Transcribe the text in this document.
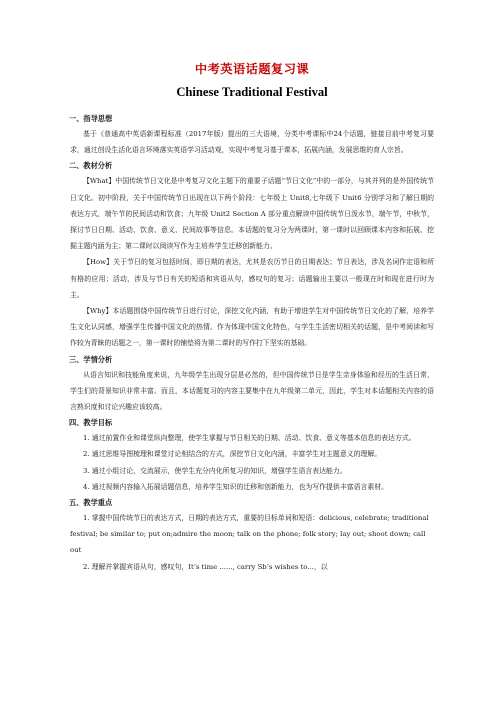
中考英语话题复习课
Chinese Traditional Festival
一、指导思想

基于《普通高中英语新课程标准（2017年版）提出的三大语境，分类中考课标中24个话题，链接目前中考复习要求，通过创设生活化语言环境落实英语学习活动观，实现中考复习基于课本，拓展内涵，发展思维的育人宗旨。

二、教材分析

【What】中国传统节日文化是中考复习文化主题下的重要子话题“节日文化”中的一部分，与其并列的是外国传统节日文化。初中阶段，关于中国传统节日出现在以下两个阶段：七年级上 Unit8,七年级下 Unit6 分别学习和了解日期的表达方式，端午节的民间活动和饮食；九年级 Unit2 Section A 部分重点解读中国传统节日泼水节，端午节，中秋节，探讨节日日期、活动、饮食、意义、民间故事等信息。本话题的复习分为两课时，第一课时以回顾课本内容和拓展、挖掘主题内涵为主；第二课时以阅读写作为主培养学生迁移创新能力。

【How】关于节日的复习包括时间，即日期的表达，尤其是农历节日的日期表达；节日表达，涉及名词作定语和所有格的应用；活动，涉及与节日有关的短语和宾语从句，感叹句的复习；话题输出主要以一般现在时和现在进行时为主。

【Why】本话题围绕中国传统节日进行讨论，深挖文化内涵，有助于增进学生对中国传统节日文化的了解，培养学生文化认同感，增强学生传播中国文化的热情。作为体现中国文化特色，与学生生活密切相关的话题，是中考阅读和写作较为青睐的话题之一，第一课时的铺垫将为第二课时的写作打下坚实的基础。

三、学情分析

从语言知识和技能角度来说，九年级学生出现分层是必然的，但中国传统节日是学生亲身体验和经历的生活日常，学生们的背景知识非常丰富。而且，本话题复习的内容主要集中在九年级第二单元，因此，学生对本话题相关内容的语言熟识度和讨论兴趣应该较高。

四、教学目标

1. 通过前置作业和课堂纵向整理，使学生掌握与节日相关的日期、活动、饮食、意义等基本信息的表达方式。

2. 通过思维导图梳理和课堂讨论相结合的方式，深挖节日文化内涵，丰富学生对主题意义的理解。

3. 通过小组讨论，交流展示，使学生充分内化所复习的知识，增强学生语言表达能力。

4. 通过视频内容输入拓展话题信息，培养学生知识的迁移和创新能力，也为写作提供丰富语言素材。

五、教学重点

1. 掌握中国传统节日的表达方式，日期的表达方式，重要的目标单词和短语：delicious, celebrate; traditional festival; be similar to; put on;admire the moon; talk on the phone; folk story; lay out; shoot down; call out

2. 理解并掌握宾语从句，感叹句，It’s time ......, carry Sb’s wishes to...，以
